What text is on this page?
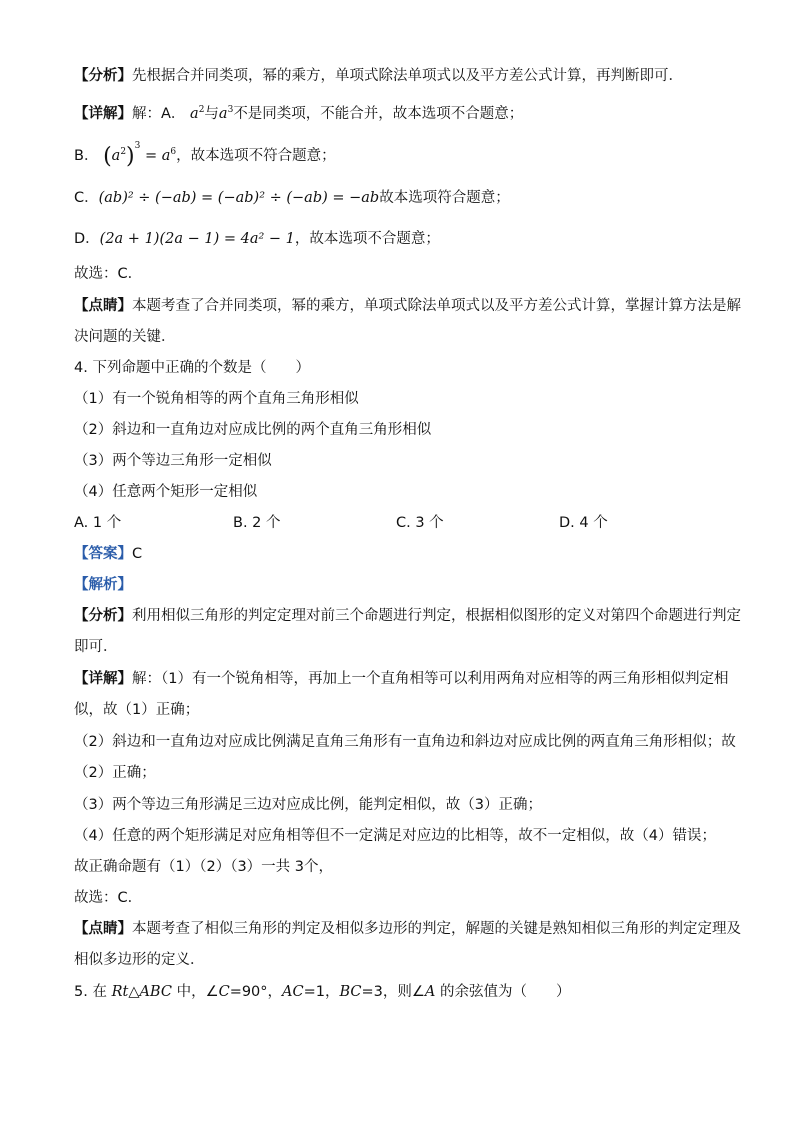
【分析】先根据合并同类项，幂的乘方，单项式除法单项式以及平方差公式计算，再判断即可．
【详解】解：A． $a^2$与$a^3$不是同类项，不能合并，故本选项不合题意；
B． $(a^2)^3 = a^6$，故本选项不符合题意；
C．(ab)² ÷ (−ab) = (−ab)² ÷ (−ab) = −ab故本选项符合题意；
D．(2a + 1)(2a − 1) = 4a² − 1，故本选项不合题意；
故选：C．
【点睛】本题考查了合并同类项，幂的乘方，单项式除法单项式以及平方差公式计算，掌握计算方法是解
决问题的关键．
4. 下列命题中正确的个数是（　　）
（1）有一个锐角相等的两个直角三角形相似
（2）斜边和一直角边对应成比例的两个直角三角形相似
（3）两个等边三角形一定相似
（4）任意两个矩形一定相似
A. 1 个	B. 2 个	C. 3 个	D. 4 个
【答案】C
【解析】
【分析】利用相似三角形的判定定理对前三个命题进行判定，根据相似图形的定义对第四个命题进行判定
即可．
【详解】解：（1）有一个锐角相等，再加上一个直角相等可以利用两角对应相等的两三角形相似判定相
似，故（1）正确；
（2）斜边和一直角边对应成比例满足直角三角形有一直角边和斜边对应成比例的两直角三角形相似；故
（2）正确；
（3）两个等边三角形满足三边对应成比例，能判定相似，故（3）正确；
（4）任意的两个矩形满足对应角相等但不一定满足对应边的比相等，故不一定相似，故（4）错误；
故正确命题有（1）（2）（3）一共 3个，
故选：C．
【点睛】本题考查了相似三角形的判定及相似多边形的判定，解题的关键是熟知相似三角形的判定定理及
相似多边形的定义．
5. 在 Rt△ABC 中，∠C=90°，AC=1，BC=3，则∠A 的余弦值为（　　）
